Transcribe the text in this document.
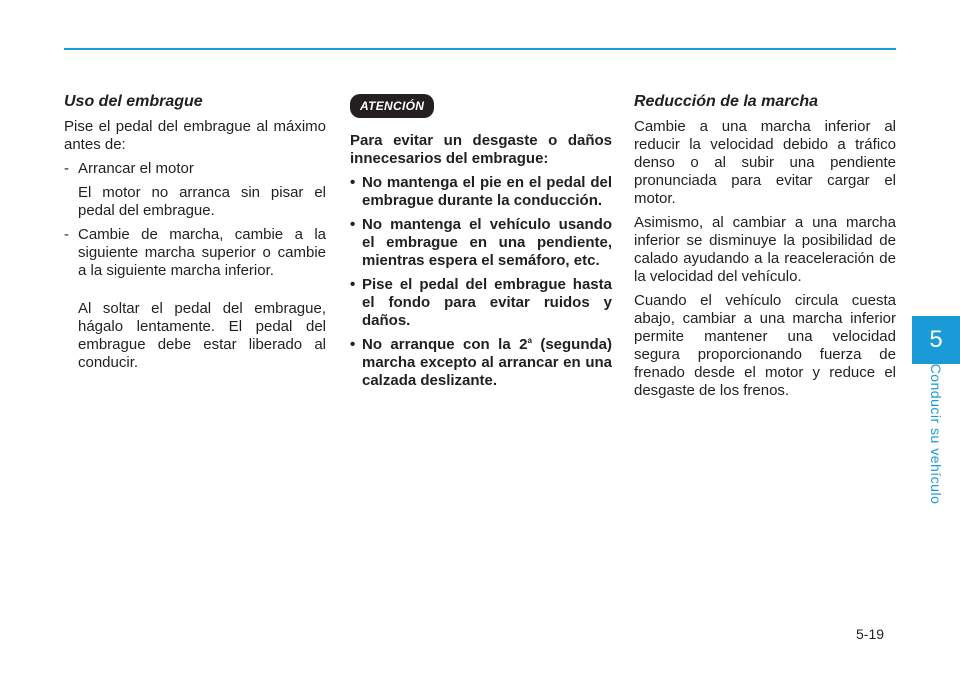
Uso del embrague

Pise el pedal del embrague al máximo antes de:

- Arrancar el motor

El motor no arranca sin pisar el pedal del embrague.

- Cambie de marcha, cambie a la siguiente marcha superior o cambie a la siguiente marcha inferior.

Al soltar el pedal del embrague, hágalo lentamente. El pedal del embrague debe estar liberado al conducir.

ATENCIÓN

Para evitar un desgaste o daños innecesarios del embrague:

• No mantenga el pie en el pedal del embrague durante la conducción.
• No mantenga el vehículo usando el embrague en una pendiente, mientras espera el semáforo, etc.
• Pise el pedal del embrague hasta el fondo para evitar ruidos y daños.
• No arranque con la 2$^a$ (segunda) marcha excepto al arrancar en una calzada deslizante.
Reducción de la marcha

Cambie a una marcha inferior al reducir la velocidad debido a tráfico denso o al subir una pendiente pronunciada para evitar cargar el motor.

Asimismo, al cambiar a una marcha inferior se disminuye la posibilidad de calado ayudando a la reaceleración de la velocidad del vehículo.

Cuando el vehículo circula cuesta abajo, cambiar a una marcha inferior permite mantener una velocidad segura proporcionando fuerza de frenado desde el motor y reduce el desgaste de los frenos.

5
Conducir su vehículo
5-19
